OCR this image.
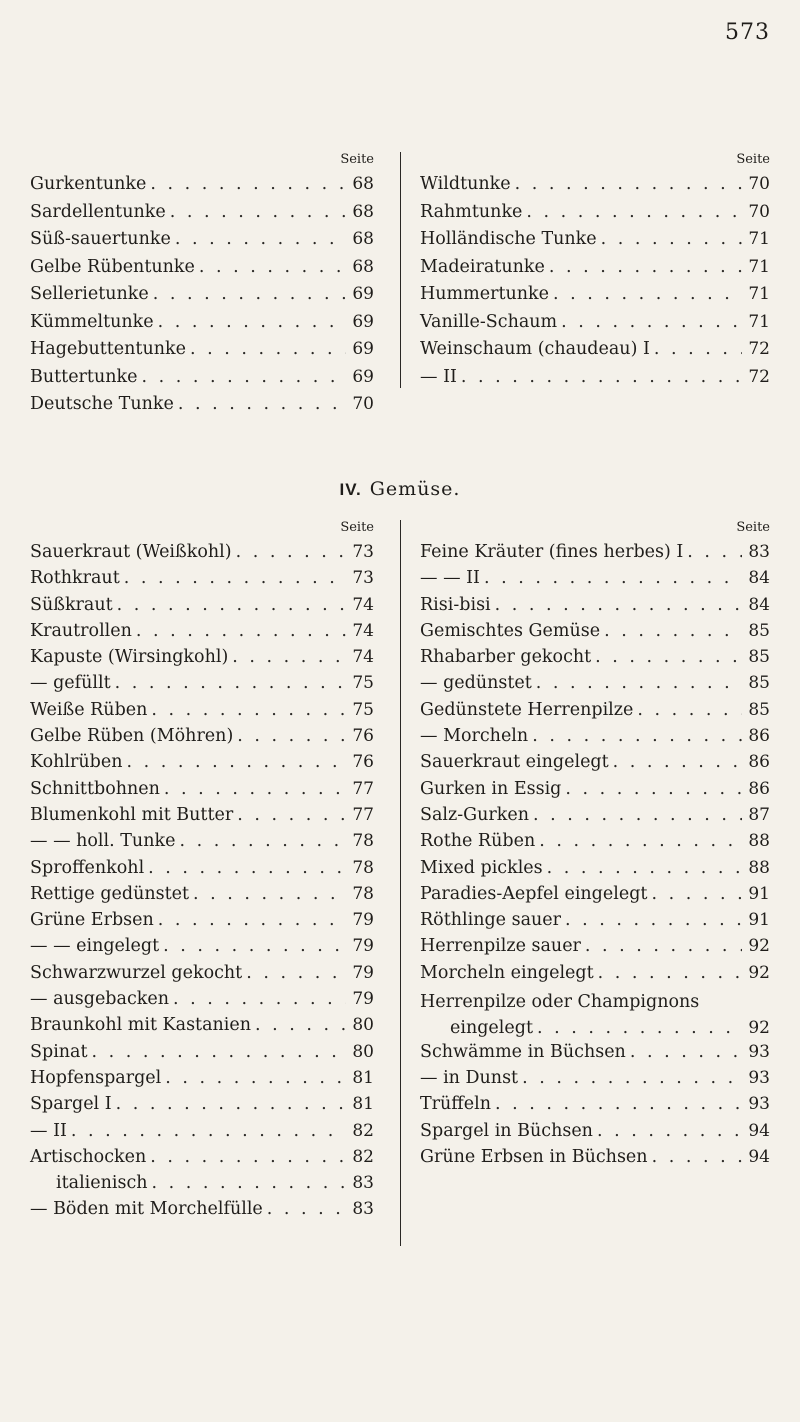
573
Seite
Gurkentunke . . .	68
Sardellentunke . . .	68
Süß-sauertunke . . .	68
Gelbe Rübentunke . . .	68
Sellerietunke . . .	69
Kümmeltunke . . .	69
Hagebuttentunke . . .	69
Buttertunke . . .	69
Deutsche Tunke . . .	70
Seite
Wildtunke . . .	70
Rahmtunke . . .	70
Holländische Tunke . . .	71
Madeiratunke . . .	71
Hummertunke . . .	71
Vanille-Schaum . . .	71
Weinschaum (chaudeau) I . . .	72
— II . . .	72
IV. Gemüse.
Seite
Sauerkraut (Weißkohl) . . .	73
Rothkraut . . .	73
Süßkraut . . .	74
Krautrollen . . .	74
Kapuste (Wirsingkohl) . . .	74
— gefüllt . . .	75
Weiße Rüben . . .	75
Gelbe Rüben (Möhren) . . .	76
Kohlrüben . . .	76
Schnittbohnen . . .	77
Blumenkohl mit Butter . . .	77
— — holl. Tunke . . .	78
Sproffenkohl . . .	78
Rettige gedünstet . . .	78
Grüne Erbsen . . .	79
— — eingelegt . . .	79
Schwarzwurzel gekocht . . .	79
— ausgebacken . . .	79
Braunkohl mit Kastanien . . .	80
Spinat . . .	80
Hopfenspargel . . .	81
Spargel I . . .	81
— II . . .	82
Artischocken . . .	82
italienisch . . .	83
— Böden mit Morchelfülle . . .	83
Seite
Feine Kräuter (fines herbes) I . . .	83
— — II . . .	84
Risi-bisi . . .	84
Gemischtes Gemüse . . .	85
Rhabarber gekocht . . .	85
— gedünstet . . .	85
Gedünstete Herrenpilze . . .	85
— Morcheln . . .	86
Sauerkraut eingelegt . . .	86
Gurken in Essig . . .	86
Salz-Gurken . . .	87
Rothe Rüben . . .	88
Mixed pickles . . .	88
Paradies-Aepfel eingelegt . . .	91
Röthlinge sauer . . .	91
Herrenpilze sauer . . .	92
Morcheln eingelegt . . .	92
Herrenpilze oder Champignons
eingelegt . . .	92
Schwämme in Büchsen . . .	93
— in Dunst . . .	93
Trüffeln . . .	93
Spargel in Büchsen . . .	94
Grüne Erbsen in Büchsen . . .	94
